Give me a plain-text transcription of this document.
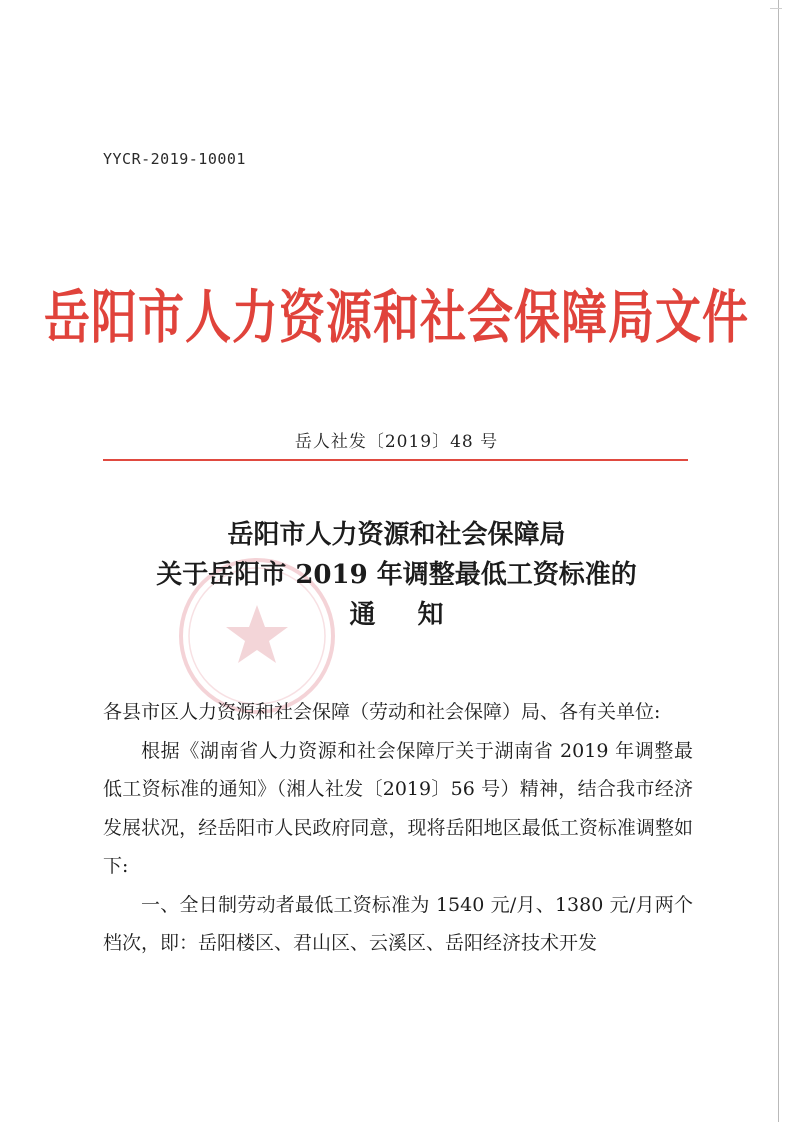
YYCR-2019-10001
岳阳市人力资源和社会保障局文件
岳人社发〔2019〕48 号
岳阳市人力资源和社会保障局
关于岳阳市 2019 年调整最低工资标准的
通知

各县市区人力资源和社会保障（劳动和社会保障）局、各有关单位:

根据《湖南省人力资源和社会保障厅关于湖南省 2019 年调整最低工资标准的通知》（湘人社发〔2019〕56 号）精神，结合我市经济发展状况，经岳阳市人民政府同意，现将岳阳地区最低工资标准调整如下:

一、全日制劳动者最低工资标准为 1540 元/月、1380 元/月两个档次，即：岳阳楼区、君山区、云溪区、岳阳经济技术开发
